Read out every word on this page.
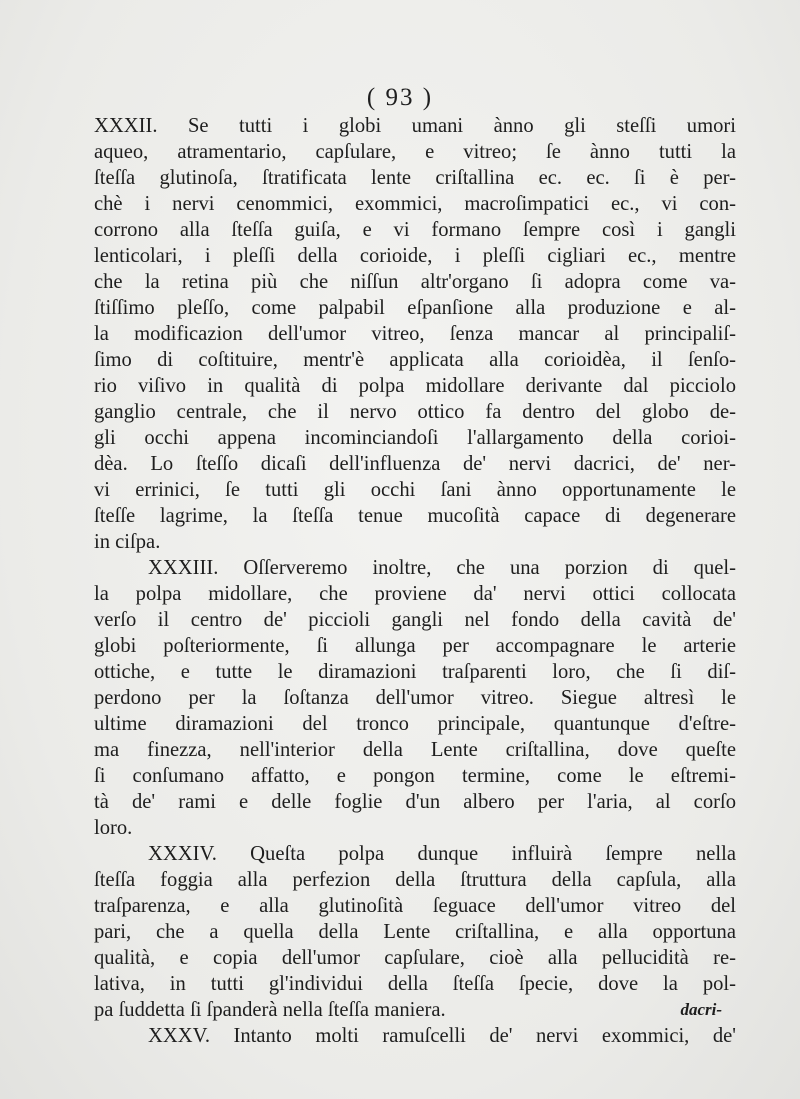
( 93 )
XXXII. Se tutti i globi umani ànno gli steſſi umori
aqueo, atramentario, capſulare, e vitreo; ſe ànno tutti la
ſteſſa glutinoſa, ſtratificata lente criſtallina ec. ec. ſi è per-
chè i nervi cenommici, exommici, macroſimpatici ec., vi con-
corrono alla ſteſſa guiſa, e vi formano ſempre così i gangli
lenticolari, i pleſſi della corioide, i pleſſi cigliari ec., mentre
che la retina più che niſſun altr'organo ſi adopra come va-
ſtiſſimo pleſſo, come palpabil eſpanſione alla produzione e al-
la modificazion dell'umor vitreo, ſenza mancar al principaliſ-
ſimo di coſtituire, mentr'è applicata alla corioidèa, il ſenſo-
rio viſivo in qualità di polpa midollare derivante dal picciolo
ganglio centrale, che il nervo ottico fa dentro del globo de-
gli occhi appena incominciandoſi l'allargamento della corioi-
dèa. Lo ſteſſo dicaſi dell'influenza de' nervi dacrici, de' ner-
vi errinici, ſe tutti gli occhi ſani ànno opportunamente le
ſteſſe lagrime, la ſteſſa tenue mucoſità capace di degenerare
in ciſpa.
XXXIII. Oſſerveremo inoltre, che una porzion di quel-
la polpa midollare, che proviene da' nervi ottici collocata
verſo il centro de' piccioli gangli nel fondo della cavità de'
globi poſteriormente, ſi allunga per accompagnare le arterie
ottiche, e tutte le diramazioni traſparenti loro, che ſi diſ-
perdono per la ſoſtanza dell'umor vitreo. Siegue altresì le
ultime diramazioni del tronco principale, quantunque d'eſtre-
ma finezza, nell'interior della Lente criſtallina, dove queſte
ſi conſumano affatto, e pongon termine, come le eſtremi-
tà de' rami e delle foglie d'un albero per l'aria, al corſo
loro.
XXXIV. Queſta polpa dunque influirà ſempre nella
ſteſſa foggia alla perfezion della ſtruttura della capſula, alla
traſparenza, e alla glutinoſità ſeguace dell'umor vitreo del
pari, che a quella della Lente criſtallina, e alla opportuna
qualità, e copia dell'umor capſulare, cioè alla pellucidità re-
lativa, in tutti gl'individui della ſteſſa ſpecie, dove la pol-
pa ſuddetta ſi ſpanderà nella ſteſſa maniera.
XXXV. Intanto molti ramuſcelli de' nervi exommici, de'
dacri-
